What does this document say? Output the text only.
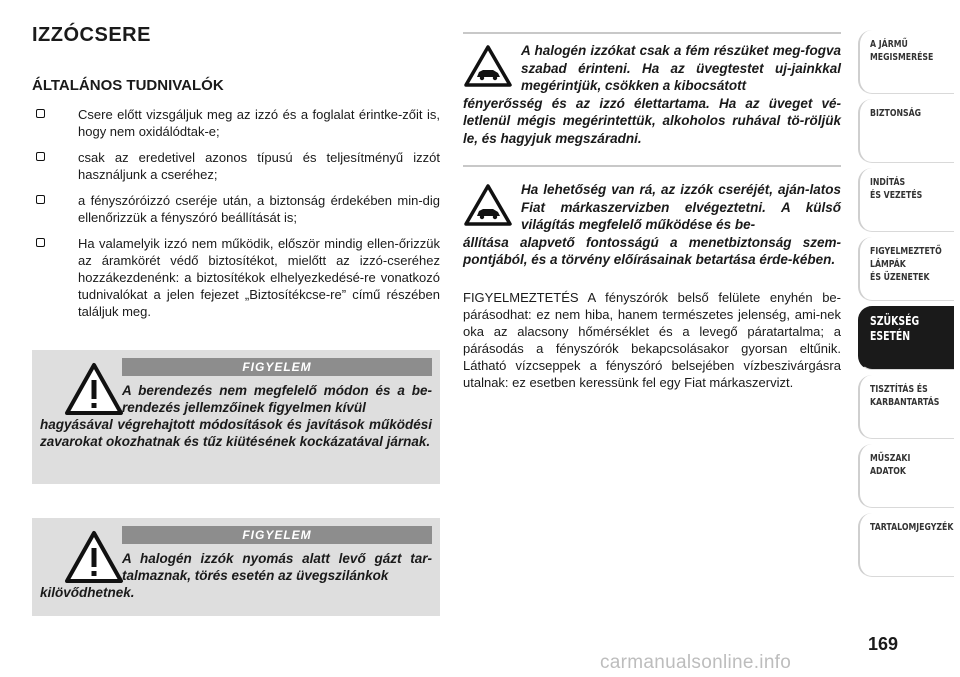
IZZÓCSERE
ÁLTALÁNOS TUDNIVALÓK
Csere előtt vizsgáljuk meg az izzó és a foglalat érintke-zőit is, hogy nem oxidálódtak-e;
csak az eredetivel azonos típusú és teljesítményű izzót használjunk a cseréhez;
a fényszóróizzó cseréje után, a biztonság érdekében min-dig ellenőrizzük a fényszóró beállítását is;
Ha valamelyik izzó nem működik, először mindig ellen-őrizzük az áramkörét védő biztosítékot, mielőtt az izzó-cseréhez hozzákezdenénk: a biztosítékok elhelyezkedésé-re vonatkozó tudnivalókat a jelen fejezet „Biztosítékcse-re” című részében találjuk meg.
FIGYELEM
A berendezés nem megfelelő módon és a be-rendezés jellemzőinek figyelmen kívül
hagyásával végrehajtott módosítások és javítások működési zavarokat okozhatnak és tűz kiütésének kockázatával járnak.
FIGYELEM
A halogén izzók nyomás alatt levő gázt tar-talmaznak, törés esetén az üvegszilánkok
kilövődhetnek.
A halogén izzókat csak a fém részüket meg-fogva szabad érinteni. Ha az üvegtestet uj-jainkkal megérintjük, csökken a kibocsátott
fényerősség és az izzó élettartama. Ha az üveget vé-letlenül mégis megérintettük, alkoholos ruhával tö-röljük le, és hagyjuk megszáradni.
Ha lehetőség van rá, az izzók cseréjét, aján-latos Fiat márkaszervizben elvégeztetni. A külső világítás megfelelő működése és be-
állítása alapvető fontosságú a menetbiztonság szem-pontjából, és a törvény előírásainak betartása érde-kében.

FIGYELMEZTETÉS A fényszórók belső felülete enyhén be-párásodhat: ez nem hiba, hanem természetes jelenség, ami-nek oka az alacsony hőmérséklet és a levegő páratartalma; a párásodás a fényszórók bekapcsolásakor gyorsan eltűnik. Látható vízcseppek a fényszóró belsejében vízbeszivárgásra utalnak: ez esetben keressünk fel egy Fiat márkaszervizt.

A JÁRMŰ
MEGISMERÉSE
BIZTONSÁG
INDÍTÁS
ÉS VEZETÉS
FIGYELMEZTETŐ
LÁMPÁK
ÉS ÜZENETEK
SZÜKSÉG
ESETÉN
TISZTÍTÁS ÉS
KARBANTARTÁS
MŰSZAKI
ADATOK
TARTALOMJEGYZÉK
169
carmanualsonline.info
